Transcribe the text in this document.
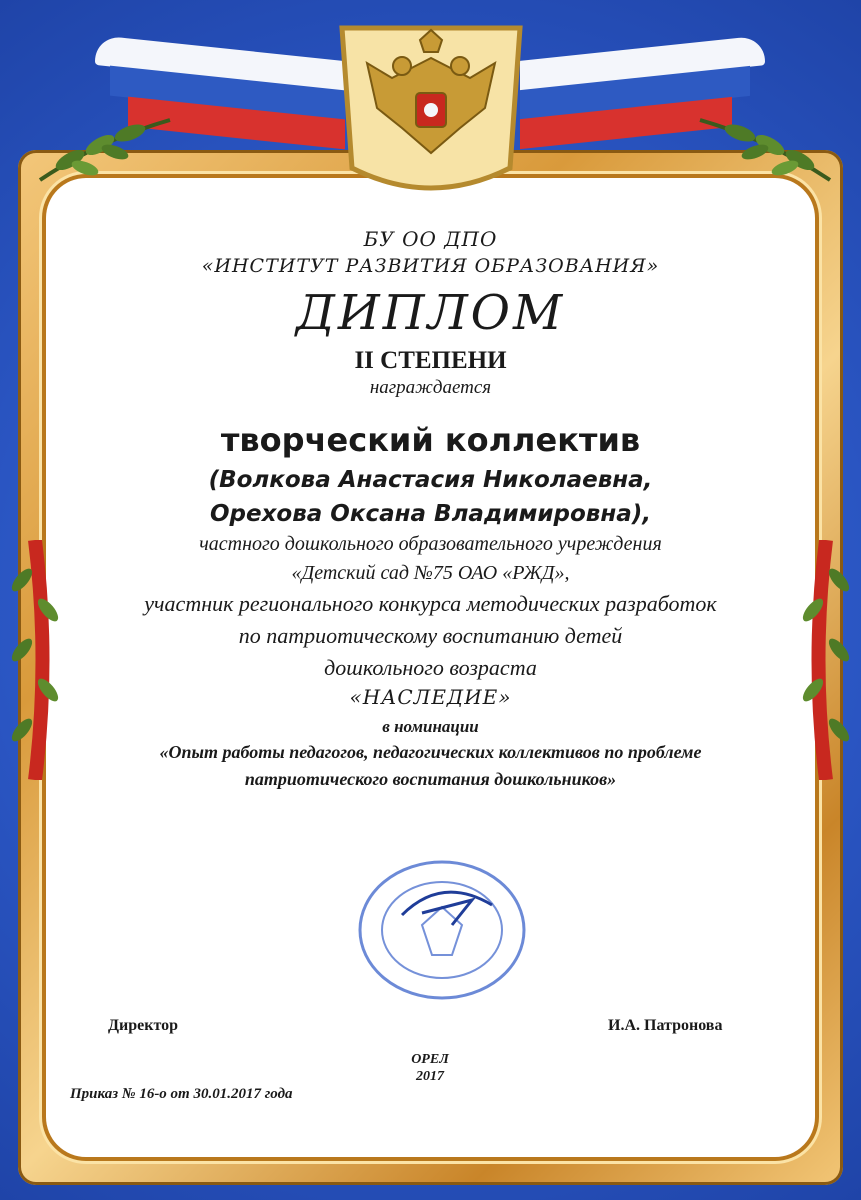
БУ ОО ДПО
«ИНСТИТУТ РАЗВИТИЯ ОБРАЗОВАНИЯ»
ДИПЛОМ
II СТЕПЕНИ
награждается
творческий коллектив
(Волкова Анастасия Николаевна,
Орехова Оксана Владимировна),
частного дошкольного образовательного учреждения
«Детский сад №75 ОАО «РЖД»,
участник регионального конкурса методических разработок
по патриотическому воспитанию детей
дошкольного возраста
«НАСЛЕДИЕ»
в номинации
«Опыт работы педагогов, педагогических коллективов по проблеме
патриотического воспитания дошкольников»
Директор	И.А. Патронова
ОРЕЛ
2017
Приказ № 16-о от 30.01.2017 года
